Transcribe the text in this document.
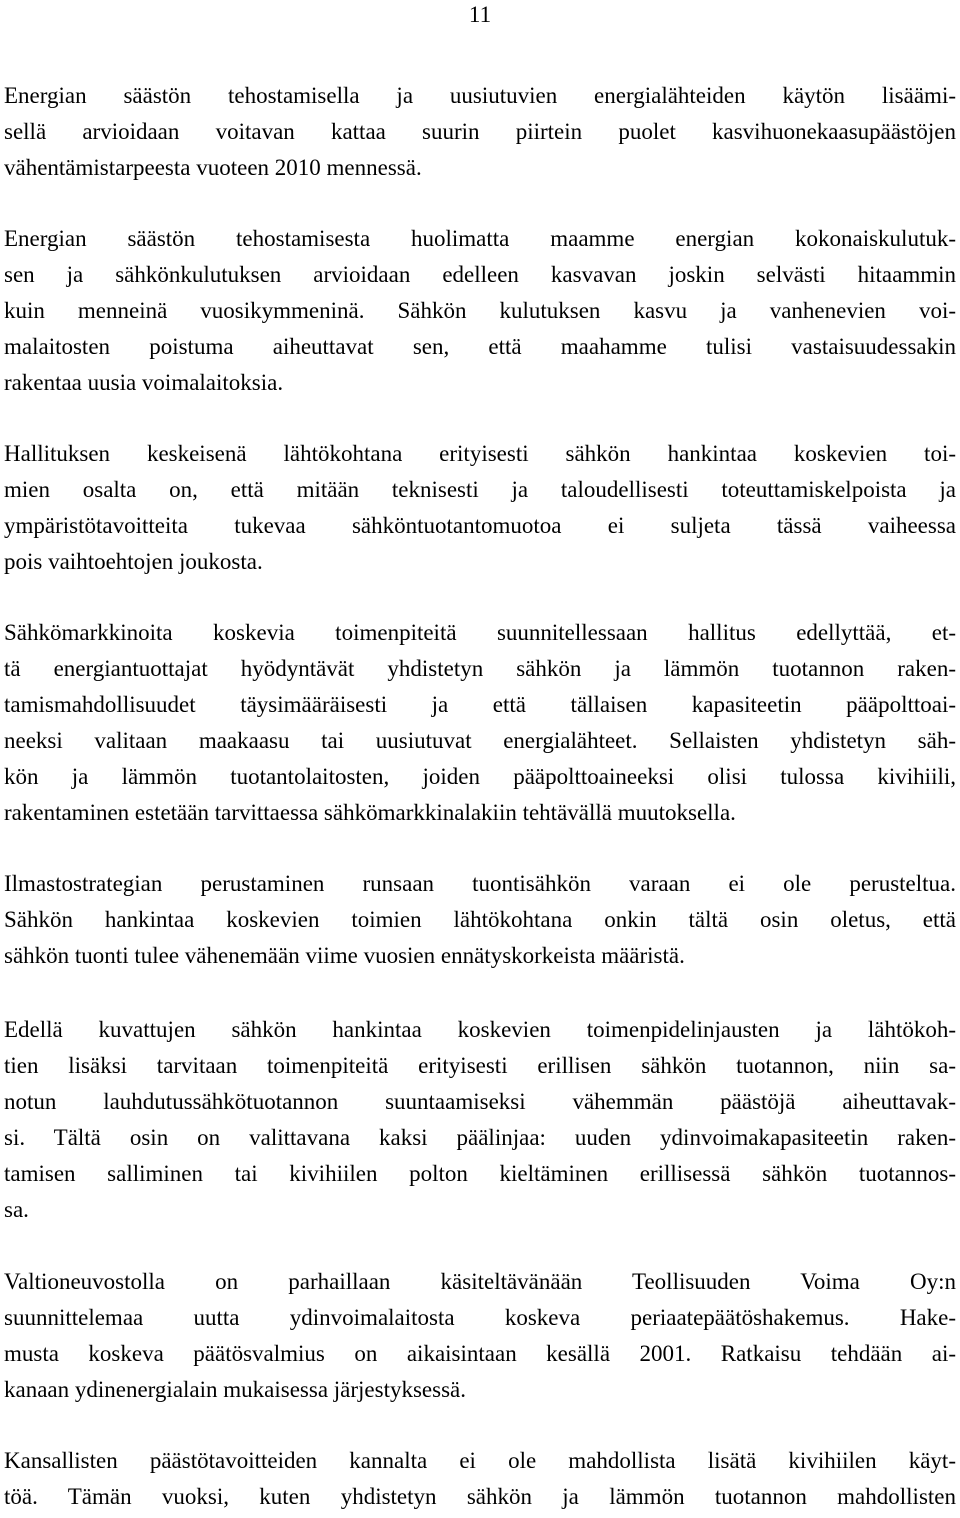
11
Energian säästön tehostamisella ja uusiutuvien energialähteiden käytön lisäämi-
sellä arvioidaan voitavan kattaa suurin piirtein puolet kasvihuonekaasupäästöjen
vähentämistarpeesta vuoteen 2010 mennessä.
Energian säästön tehostamisesta huolimatta maamme energian kokonaiskulutuk-
sen ja sähkönkulutuksen arvioidaan edelleen kasvavan joskin selvästi hitaammin
kuin menneinä vuosikymmeninä. Sähkön kulutuksen kasvu ja vanhenevien voi-
malaitosten poistuma aiheuttavat sen, että maahamme tulisi vastaisuudessakin
rakentaa uusia voimalaitoksia.
Hallituksen keskeisenä lähtökohtana erityisesti sähkön hankintaa koskevien toi-
mien osalta on, että mitään teknisesti ja taloudellisesti toteuttamiskelpoista ja
ympäristötavoitteita tukevaa sähköntuotantomuotoa ei suljeta tässä vaiheessa
pois vaihtoehtojen joukosta.
Sähkömarkkinoita koskevia toimenpiteitä suunnitellessaan hallitus edellyttää, et-
tä energiantuottajat hyödyntävät yhdistetyn sähkön ja lämmön tuotannon raken-
tamismahdollisuudet täysimääräisesti ja että tällaisen kapasiteetin pääpolttoai-
neeksi valitaan maakaasu tai uusiutuvat energialähteet. Sellaisten yhdistetyn säh-
kön ja lämmön tuotantolaitosten, joiden pääpolttoaineeksi olisi tulossa kivihiili,
rakentaminen estetään tarvittaessa sähkömarkkinalakiin tehtävällä muutoksella.
Ilmastostrategian perustaminen runsaan tuontisähkön varaan ei ole perusteltua.
Sähkön hankintaa koskevien toimien lähtökohtana onkin tältä osin oletus, että
sähkön tuonti tulee vähenemään viime vuosien ennätyskorkeista määristä.
Edellä kuvattujen sähkön hankintaa koskevien toimenpidelinjausten ja lähtökoh-
tien lisäksi tarvitaan toimenpiteitä erityisesti erillisen sähkön tuotannon, niin sa-
notun lauhdutussähkötuotannon suuntaamiseksi vähemmän päästöjä aiheuttavak-
si. Tältä osin on valittavana kaksi päälinjaa: uuden ydinvoimakapasiteetin raken-
tamisen salliminen tai kivihiilen polton kieltäminen erillisessä sähkön tuotannos-
sa.
Valtioneuvostolla on parhaillaan käsiteltävänään Teollisuuden Voima Oy:n
suunnittelemaa uutta ydinvoimalaitosta koskeva periaatepäätöshakemus. Hake-
musta koskeva päätösvalmius on aikaisintaan kesällä 2001. Ratkaisu tehdään ai-
kanaan ydinenergialain mukaisessa järjestyksessä.
Kansallisten päästötavoitteiden kannalta ei ole mahdollista lisätä kivihiilen käyt-
töä. Tämän vuoksi, kuten yhdistetyn sähkön ja lämmön tuotannon mahdollisten
